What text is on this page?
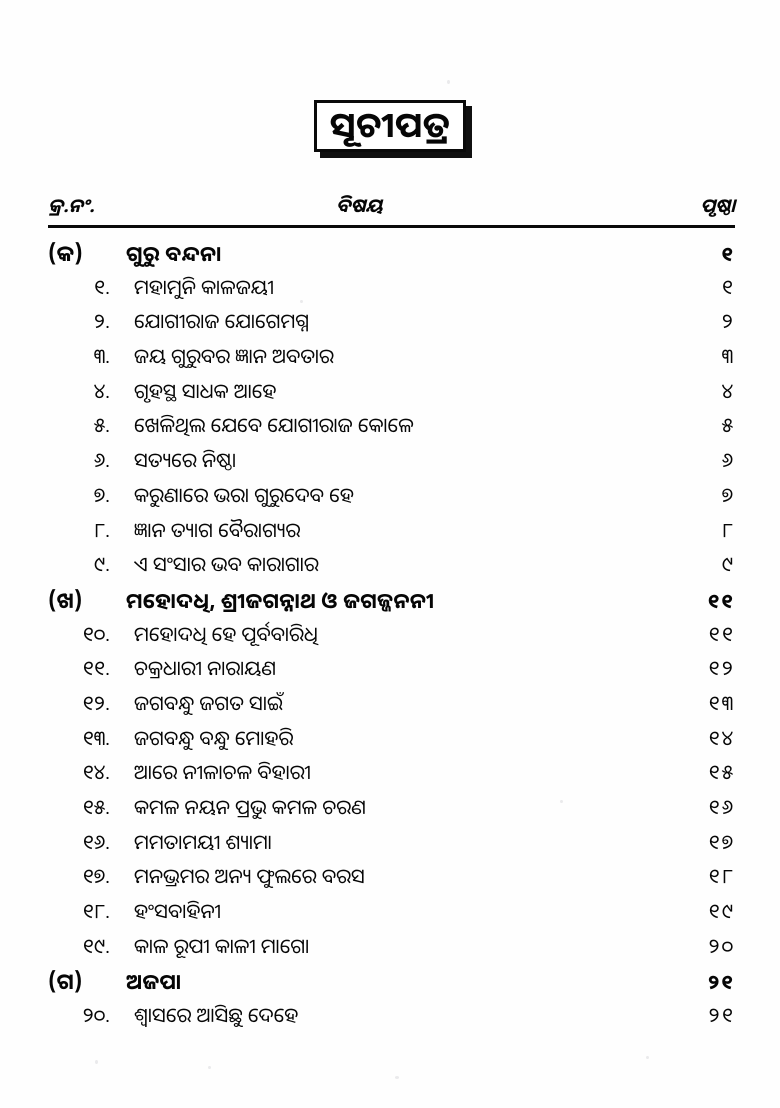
ସୂଚୀପତ୍ର
କ୍ର.ନଂ.	ବିଷୟ	ପୃଷ୍ଠା
(କ)	ଗୁରୁ ବନ୍ଦନା	୧
୧.	ମହାମୁନି କାଳଜୟୀ	୧
୨.	ଯୋଗୀରାଜ ଯୋଗେମଗ୍ନ	୨
୩.	ଜୟ ଗୁରୁବର ଜ୍ଞାନ ଅବତାର	୩
୪.	ଗୃହସ୍ଥ ସାଧକ ଆହେ	୪
୫.	ଖେଳିଥିଲ ଯେବେ ଯୋଗୀରାଜ କୋଳେ	୫
୬.	ସତ୍ୟରେ ନିଷ୍ଠା	୬
୭.	କରୁଣାରେ ଭରା ଗୁରୁଦେବ ହେ	୭
୮.	ଜ୍ଞାନ ତ୍ୟାଗ ବୈରାଗ୍ୟର	୮
୯.	ଏ ସଂସାର ଭବ କାରାଗାର	୯
(ଖ)	ମହୋଦଧି, ଶ୍ରୀଜଗନ୍ନାଥ ଓ ଜଗଜ୍ଜନନୀ	୧୧
୧୦.	ମହୋଦଧି ହେ ପୂର୍ବବାରିଧି	୧୧
୧୧.	ଚକ୍ରଧାରୀ ନାରାୟଣ	୧୨
୧୨.	ଜଗବନ୍ଧୁ ଜଗତ ସାଇଁ	୧୩
୧୩.	ଜଗବନ୍ଧୁ ବନ୍ଧୁ ମୋହରି	୧୪
୧୪.	ଆରେ ନୀଳାଚଳ ବିହାରୀ	୧୫
୧୫.	କମଳ ନୟନ ପ୍ରଭୁ କମଳ ଚରଣ	୧୬
୧୬.	ମମତାମୟୀ ଶ୍ୟାମା	୧୭
୧୭.	ମନଭ୍ରମର ଅନ୍ୟ ଫୁଲରେ ବରସ	୧୮
୧୮.	ହଂସବାହିନୀ	୧୯
୧୯.	କାଳ ରୂପୀ କାଳୀ ମାଗୋ	୨୦
(ଗ)	ଅଜପା	୨୧
୨୦.	ଶ୍ୱାସରେ ଆସିଛୁ ଦେହେ	୨୧
